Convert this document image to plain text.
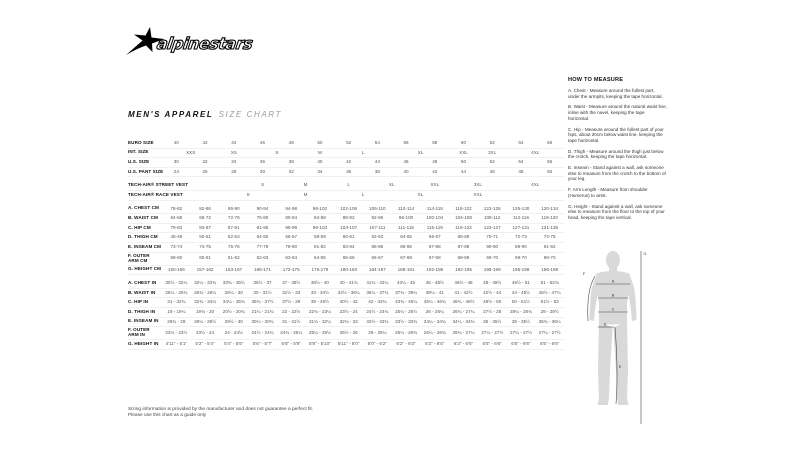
alpinestars
MEN'S APPAREL SIZE CHART
EURO SIZE	40	42	44	46	48	50	52	54	56	58	60	62	64	66
INT. SIZE	XXS	XS	S	M	L	XL	XXL	3XL	4XL
U.S. SIZE	30	32	34	36	38	40	42	44	46	48	50	52	54	56
U.S. PANT SIZE	24	26	28	30	32	34	36	38	40	42	44	46	48	50
TECH-AIR® STREET VEST	S	M	L	XL	XXL	3XL	4XL
TECH-AIR® RACE VEST	S	M	L	XL	XXL
A. CHEST CM	78-82	82-86	86-90	90-94	94-98	98-102	102-106	106-110	110-114	114-118	118-122	122-126	126-130	130-134
B. WAIST CM	64-68	68-72	72-76	76-80	80-84	84-88	88-92	92-96	96-100	100-104	104-108	108-112	112-116	116-120
C. HIP CM	79-83	83-87	87-91	91-95	95-99	99-103	103-107	107-111	111-115	115-119	119-123	123-127	127-131	131-135
D. THIGH CM	48-49	50-51	52-53	54-55	56-57	58-59	60-61	62-63	64-65	66-67	68-69	70-71	72-73	74-75
E. INSEAM CM	73-74	74-75	75-76	77-78	79-80	81-82	83-84	85-86	85-86	87-88	87-88	89-90	89-90	91-92
F. OUTER ARM CM	59-60	60-61	61-62	62-63	63-64	64-65	65-66	66-67	67-68	67-68	68-69	69-70	69-70	69-70
G. HEIGHT CM	150-156	157-162	163-167	168-171	172-175	176-179	180-183	184-187	188-191	192-195	192-195	196-199	196-199	196-199
A. CHEST IN	30½ - 32¼	32¼ - 33¾	33¾ - 35½	35½ - 37	37 - 38½	38½ - 40	40 - 41¾	41¾ - 43¼	43¼ - 45	45 - 46½	46½ - 48	48 - 49½	49½ - 51	51 - 52¾
B. WAIST IN	25¼ - 26¾	26¾ - 28¼	28¼ - 30	30 - 31½	31½ - 33	33 - 34½	34½ - 36¼	36¼ - 37¾	37¾ - 39¼	39¼ - 41	41 - 42½	42½ - 44	44 - 45½	45½ - 47¼
C. HIP IN	31 - 32¾	32¾ - 34¼	34¼ - 35¾	35¾ - 37½	37½ - 39	39 - 40½	40½ - 42	42 - 43¾	43¾ - 45¼	45¼ - 46¾	46¾ - 48½	48½ - 50	50 - 51½	51½ - 53
D. THIGH IN	19 - 19¼	19¾ - 20	20½ - 20¾	21¼ - 21¾	22 - 22½	22¾ - 23¼	23½ - 24	24½ - 24¾	25¼ - 25½	26 - 26¼	26¾ - 27¼	27½ - 28	28¼ - 28¾	29 - 29½
E. INSEAM IN	28¾ - 29	29¼ - 29½	29½ - 30	30¼ - 30¾	31 - 31½	31¾ - 32¼	32¾ - 33	33½ - 33¾	33½ - 33¾	34¼ - 34¾	34¼ - 34¾	35 - 35½	35 - 35½	35¾ - 36¼
F. OUTER ARM IN	23¼ - 23½	23½ - 24	24 - 24½	24½ - 24¾	24¾ - 25¼	25¼ - 25½	25½ - 26	26 - 26¼	26¼ - 26¾	26¼ - 26¾	26¾ - 27¼	27¼ - 27½	27¼ - 27½	27¼ - 27½
G. HEIGHT IN	4'11" - 5'1"	5'2" - 5'4"	5'4" - 5'6"	5'6" - 5'7"	5'8" - 5'9"	5'9" - 5'10"	5'11" - 6'0"	6'0" - 6'2"	6'2" - 6'3"	6'3" - 6'5"	6'3" - 6'5"	6'5" - 6'6"	6'5" - 6'6"	6'5" - 6'6"
HOW TO MEASURE
A. Chest - Measure around the fullest part, under the armpits, keeping the tape horizontal.
B. Waist - Measure around the natural waist line, inline with the navel, keeping the tape horizontal.
C. Hip - Measure around the fullest part of your hips, about 20cm below waist line, keeping the tape horizontal.
D. Thigh - Measure around the thigh just below the crotch, keeping the tape horizontal.
E. Inseam - Stand against a wall, ask someone else to measure from the crotch to the bottom of your leg.
F. Arm Length - Measure from shoulder (Humerus) to wrist.
G. Height - Stand against a wall, ask someone else to measure from the floor to the top of your head, keeping the tape vertical.
A
B
C
D
E
F
G
Sizing information is provided by the manufacturer and does not guarantee a perfect fit.
Please use this chart as a guide only
